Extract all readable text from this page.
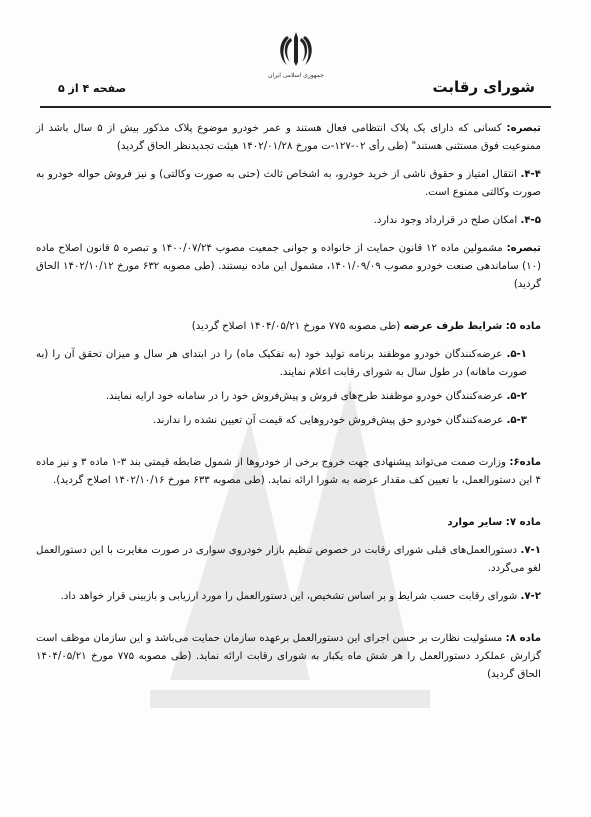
جمهوری اسلامی ایران
شورای رقابت
صفحه ۴ از ۵

تبصره: کسانی که دارای یک پلاک انتظامی فعال هستند و عمر خودرو موضوع پلاک مذکور بیش از ۵ سال باشد از ممنوعیت فوق مستثنی هستند" (طی رأی ۰۲-۱۲۷-ت مورخ ۱۴۰۲/۰۱/۲۸ هیئت تجدیدنظر الحاق گردید)

۴-۴. انتقال امتیاز و حقوق ناشی از خرید خودرو، به اشخاص ثالث (حتی به صورت وکالتی) و نیز فروش حواله خودرو به صورت وکالتی ممنوع است.

۴-۵. امکان صلح در قرارداد وجود ندارد.

تبصره: مشمولین ماده ۱۲ قانون حمایت از خانواده و جوانی جمعیت مصوب ۱۴۰۰/۰۷/۲۴ و تبصره ۵ قانون اصلاح ماده (۱۰) ساماندهی صنعت خودرو مصوب ۱۴۰۱/۰۹/۰۹، مشمول این ماده نیستند. (طی مصوبه ۶۳۲ مورخ ۱۴۰۲/۱۰/۱۲ الحاق گردید)

ماده ۵: شرایط طرف عرضه (طی مصوبه ۷۷۵ مورخ ۱۴۰۴/۰۵/۲۱ اصلاح گردید)

۵-۱. عرضه‌کنندگان خودرو موظفند برنامه تولید خود (به تفکیک ماه) را در ابتدای هر سال و میزان تحقق آن را (به صورت ماهانه) در طول سال به شورای رقابت اعلام نمایند.

۵-۲. عرضه‌کنندگان خودرو موظفند طرح‌های فروش و پیش‌فروش خود را در سامانه خود ارایه نمایند.

۵-۳. عرضه‌کنندگان خودرو حق پیش‌فروش خودروهایی که قیمت آن تعیین نشده را ندارند.

ماده۶: وزارت صمت می‌تواند پیشنهادی جهت خروج برخی از خودروها از شمول ضابطه قیمتی بند ۳-۱ ماده ۳ و نیز ماده ۴ این دستورالعمل، با تعیین کف مقدار عرضه به شورا ارائه نماید. (طی مصوبه ۶۳۳ مورخ ۱۴۰۲/۱۰/۱۶ اصلاح گردید).

ماده ۷: سایر موارد

۷-۱. دستورالعمل‌های قبلی شورای رقابت در خصوص تنظیم بازار خودروی سواری در صورت مغایرت با این دستورالعمل لغو می‌گردد.

۷-۲. شورای رقابت حسب شرایط و بر اساس تشخیص، این دستورالعمل را مورد ارزیابی و بازبینی قرار خواهد داد.

ماده ۸: مسئولیت نظارت بر حسن اجرای این دستورالعمل برعهده سازمان حمایت می‌باشد و این سازمان موظف است گزارش عملکرد دستورالعمل را هر شش ماه یکبار به شورای رقابت ارائه نماید. (طی مصوبه ۷۷۵ مورخ ۱۴۰۴/۰۵/۲۱ الحاق گردید)
